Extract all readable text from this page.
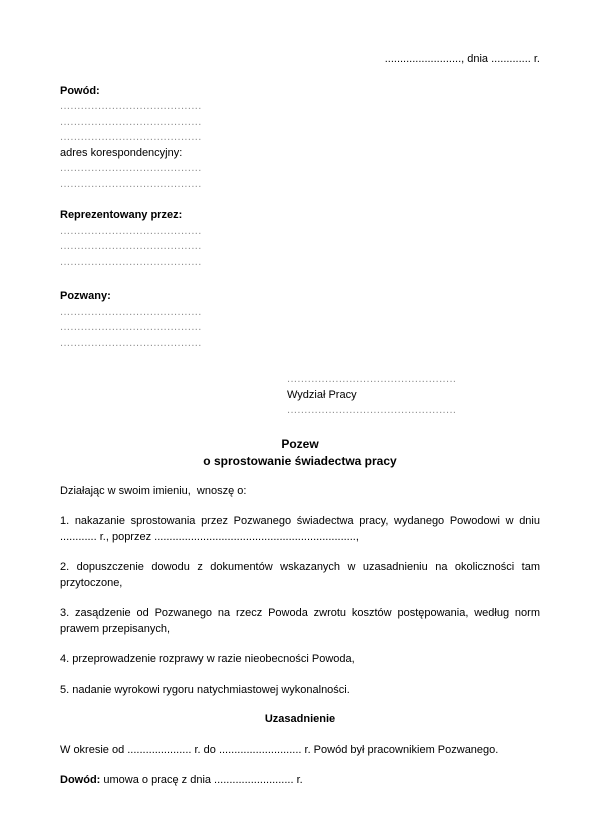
........................., dnia ............. r.
Powód:
.........................................
.........................................
.........................................
adres korespondencyjny:
.........................................
.........................................
Reprezentowany przez:
.........................................
.........................................
.........................................
Pozwany:
.........................................
.........................................
.........................................
.................................................
Wydział Pracy
.................................................
Pozew
o sprostowanie świadectwa pracy
Działając w swoim imieniu,  wnoszę o:
1. nakazanie sprostowania przez Pozwanego świadectwa pracy, wydanego Powodowi w dniu ............ r., poprzez ..................................................................,
2. dopuszczenie dowodu z dokumentów wskazanych w uzasadnieniu na okoliczności tam przytoczone,
3. zasądzenie od Pozwanego na rzecz Powoda zwrotu kosztów postępowania, według norm prawem przepisanych,
4. przeprowadzenie rozprawy w razie nieobecności Powoda,
5. nadanie wyrokowi rygoru natychmiastowej wykonalności.
Uzasadnienie
W okresie od ..................... r. do ........................... r. Powód był pracownikiem Pozwanego.
Dowód: umowa o pracę z dnia .......................... r.
